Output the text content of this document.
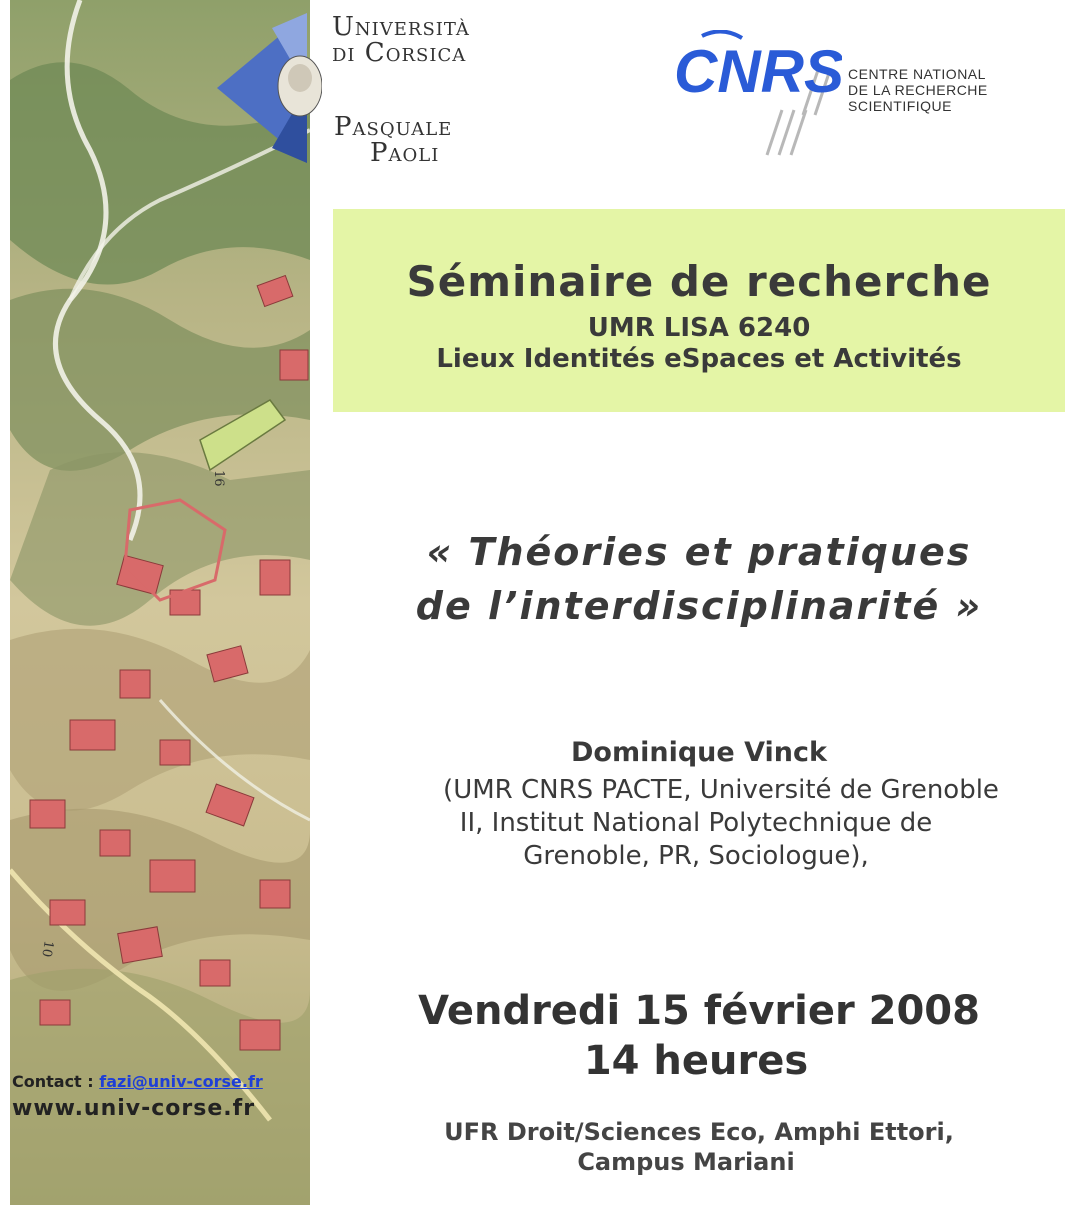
16
10
Università
di Corsica
Pasquale
Paoli
CNRS CENTRE NATIONAL
DE LA RECHERCHE
SCIENTIFIQUE
Séminaire de recherche
UMR LISA 6240
Lieux Identités eSpaces et Activités
« Théories et pratiques
de l’interdisciplinarité »
Dominique Vinck
(UMR CNRS PACTE, Université de Grenoble
II, Institut National Polytechnique de
Grenoble, PR, Sociologue),
Vendredi 15 février 2008
14 heures
UFR Droit/Sciences Eco, Amphi Ettori,
Campus Mariani
Contact : fazi@univ-corse.fr
www.univ-corse.fr
